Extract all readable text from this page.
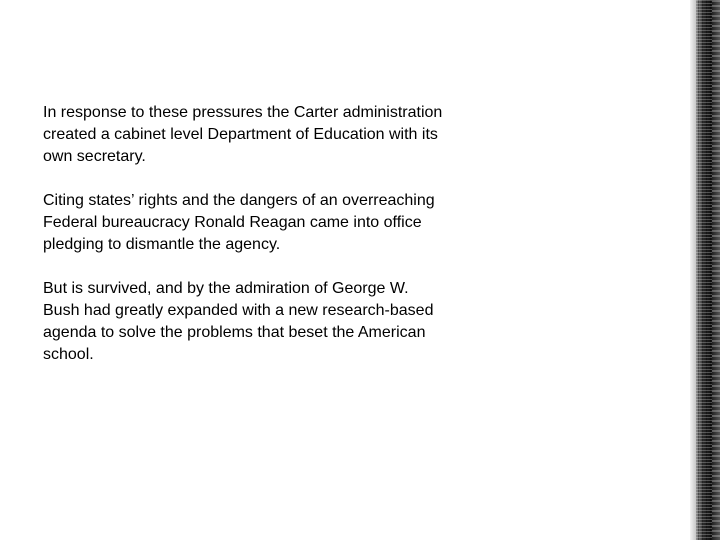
In response to these pressures the Carter administration created a cabinet level Department of Education with its own secretary.

Citing states’ rights and the dangers of an overreaching Federal bureaucracy Ronald Reagan came into office pledging to dismantle the agency.

But is survived, and by the admiration of George W. Bush had greatly expanded with a new research-based agenda to solve the problems that beset the American school.
